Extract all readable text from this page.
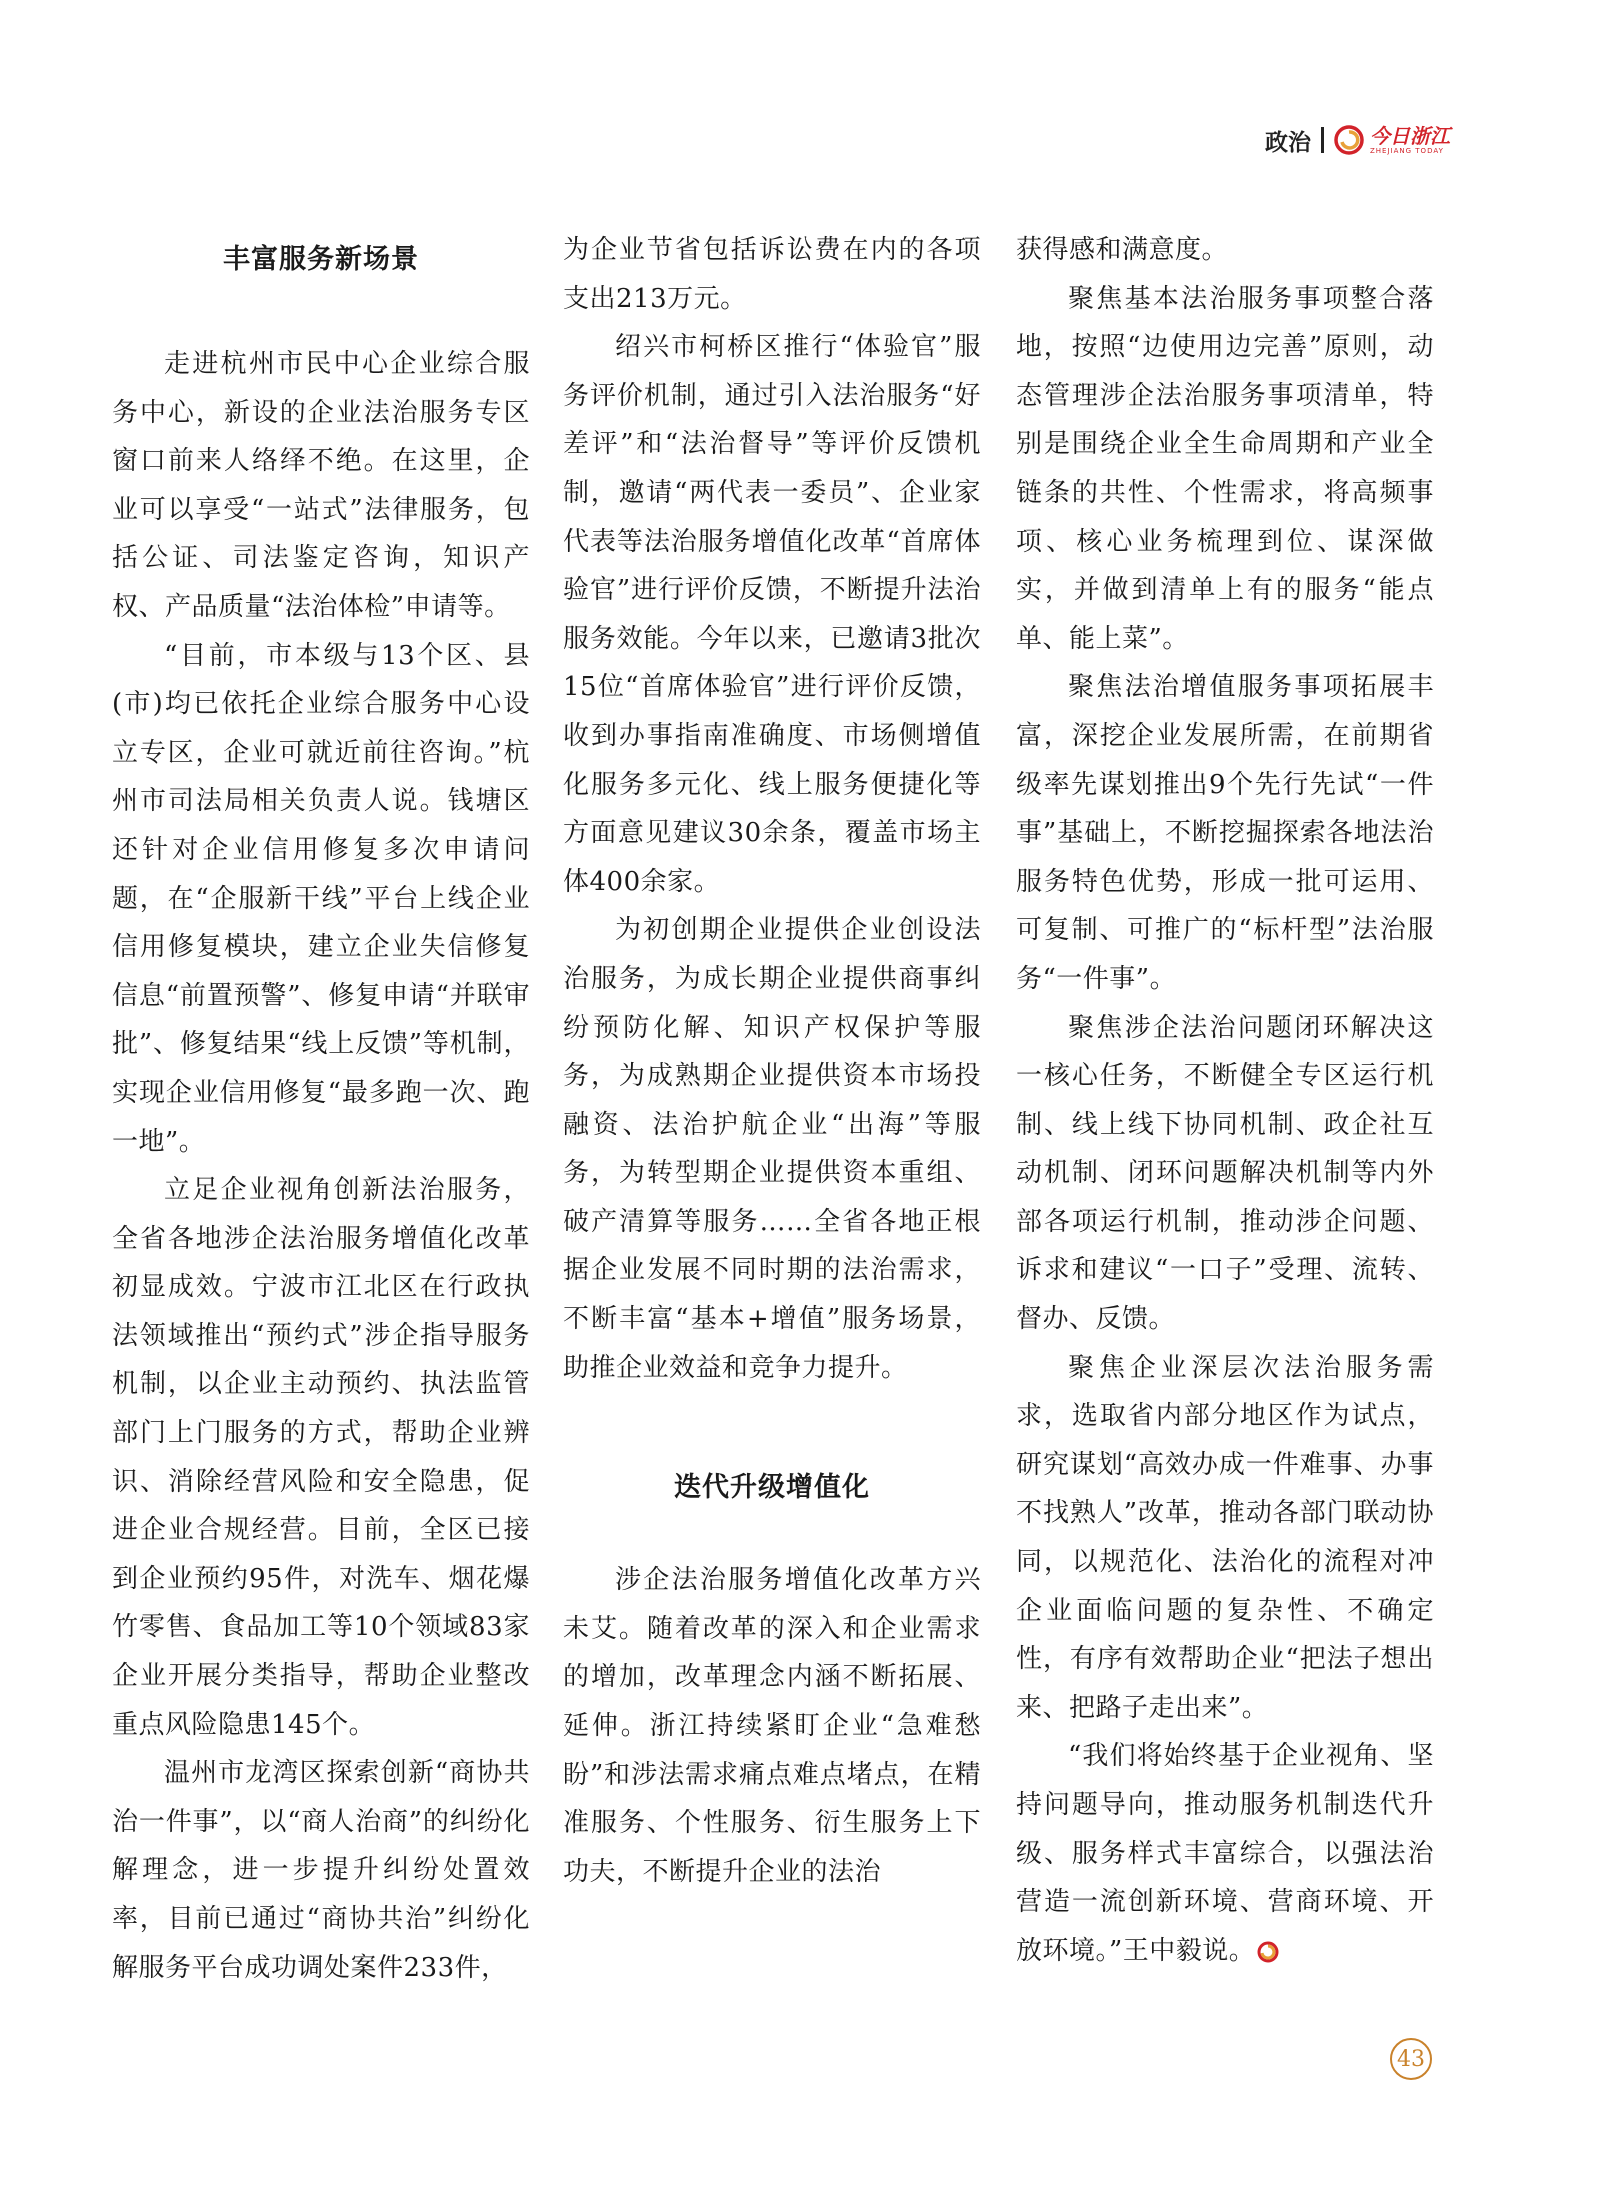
政治	今日浙江
ZHEJIANG TODAY
丰富服务新场景

走进杭州市民中心企业综合服务中心，新设的企业法治服务专区窗口前来人络绎不绝。在这里，企业可以享受“一站式”法律服务，包括公证、司法鉴定咨询，知识产权、产品质量“法治体检”申请等。

“目前，市本级与13个区、县(市)均已依托企业综合服务中心设立专区，企业可就近前往咨询。”杭州市司法局相关负责人说。钱塘区还针对企业信用修复多次申请问题，在“企服新干线”平台上线企业信用修复模块，建立企业失信修复信息“前置预警”、修复申请“并联审批”、修复结果“线上反馈”等机制，实现企业信用修复“最多跑一次、跑一地”。

立足企业视角创新法治服务，全省各地涉企法治服务增值化改革初显成效。宁波市江北区在行政执法领域推出“预约式”涉企指导服务机制，以企业主动预约、执法监管部门上门服务的方式，帮助企业辨识、消除经营风险和安全隐患，促进企业合规经营。目前，全区已接到企业预约95件，对洗车、烟花爆竹零售、食品加工等10个领域83家企业开展分类指导，帮助企业整改重点风险隐患145个。

温州市龙湾区探索创新“商协共治一件事”，以“商人治商”的纠纷化解理念，进一步提升纠纷处置效率，目前已通过“商协共治”纠纷化解服务平台成功调处案件233件，

为企业节省包括诉讼费在内的各项支出213万元。

绍兴市柯桥区推行“体验官”服务评价机制，通过引入法治服务“好差评”和“法治督导”等评价反馈机制，邀请“两代表一委员”、企业家代表等法治服务增值化改革“首席体验官”进行评价反馈，不断提升法治服务效能。今年以来，已邀请3批次15位“首席体验官”进行评价反馈，收到办事指南准确度、市场侧增值化服务多元化、线上服务便捷化等方面意见建议30余条，覆盖市场主体400余家。

为初创期企业提供企业创设法治服务，为成长期企业提供商事纠纷预防化解、知识产权保护等服务，为成熟期企业提供资本市场投融资、法治护航企业“出海”等服务，为转型期企业提供资本重组、破产清算等服务……全省各地正根据企业发展不同时期的法治需求，不断丰富“基本+增值”服务场景，助推企业效益和竞争力提升。

迭代升级增值化

涉企法治服务增值化改革方兴未艾。随着改革的深入和企业需求的增加，改革理念内涵不断拓展、延伸。浙江持续紧盯企业“急难愁盼”和涉法需求痛点难点堵点，在精准服务、个性服务、衍生服务上下功夫，不断提升企业的法治

获得感和满意度。

聚焦基本法治服务事项整合落地，按照“边使用边完善”原则，动态管理涉企法治服务事项清单，特别是围绕企业全生命周期和产业全链条的共性、个性需求，将高频事项、核心业务梳理到位、谋深做实，并做到清单上有的服务“能点单、能上菜”。

聚焦法治增值服务事项拓展丰富，深挖企业发展所需，在前期省级率先谋划推出9个先行先试“一件事”基础上，不断挖掘探索各地法治服务特色优势，形成一批可运用、可复制、可推广的“标杆型”法治服务“一件事”。

聚焦涉企法治问题闭环解决这一核心任务，不断健全专区运行机制、线上线下协同机制、政企社互动机制、闭环问题解决机制等内外部各项运行机制，推动涉企问题、诉求和建议“一口子”受理、流转、督办、反馈。

聚焦企业深层次法治服务需求，选取省内部分地区作为试点，研究谋划“高效办成一件难事、办事不找熟人”改革，推动各部门联动协同，以规范化、法治化的流程对冲企业面临问题的复杂性、不确定性，有序有效帮助企业“把法子想出来、把路子走出来”。

“我们将始终基于企业视角、坚持问题导向，推动服务机制迭代升级、服务样式丰富综合，以强法治营造一流创新环境、营商环境、开放环境。”王中毅说。

43
